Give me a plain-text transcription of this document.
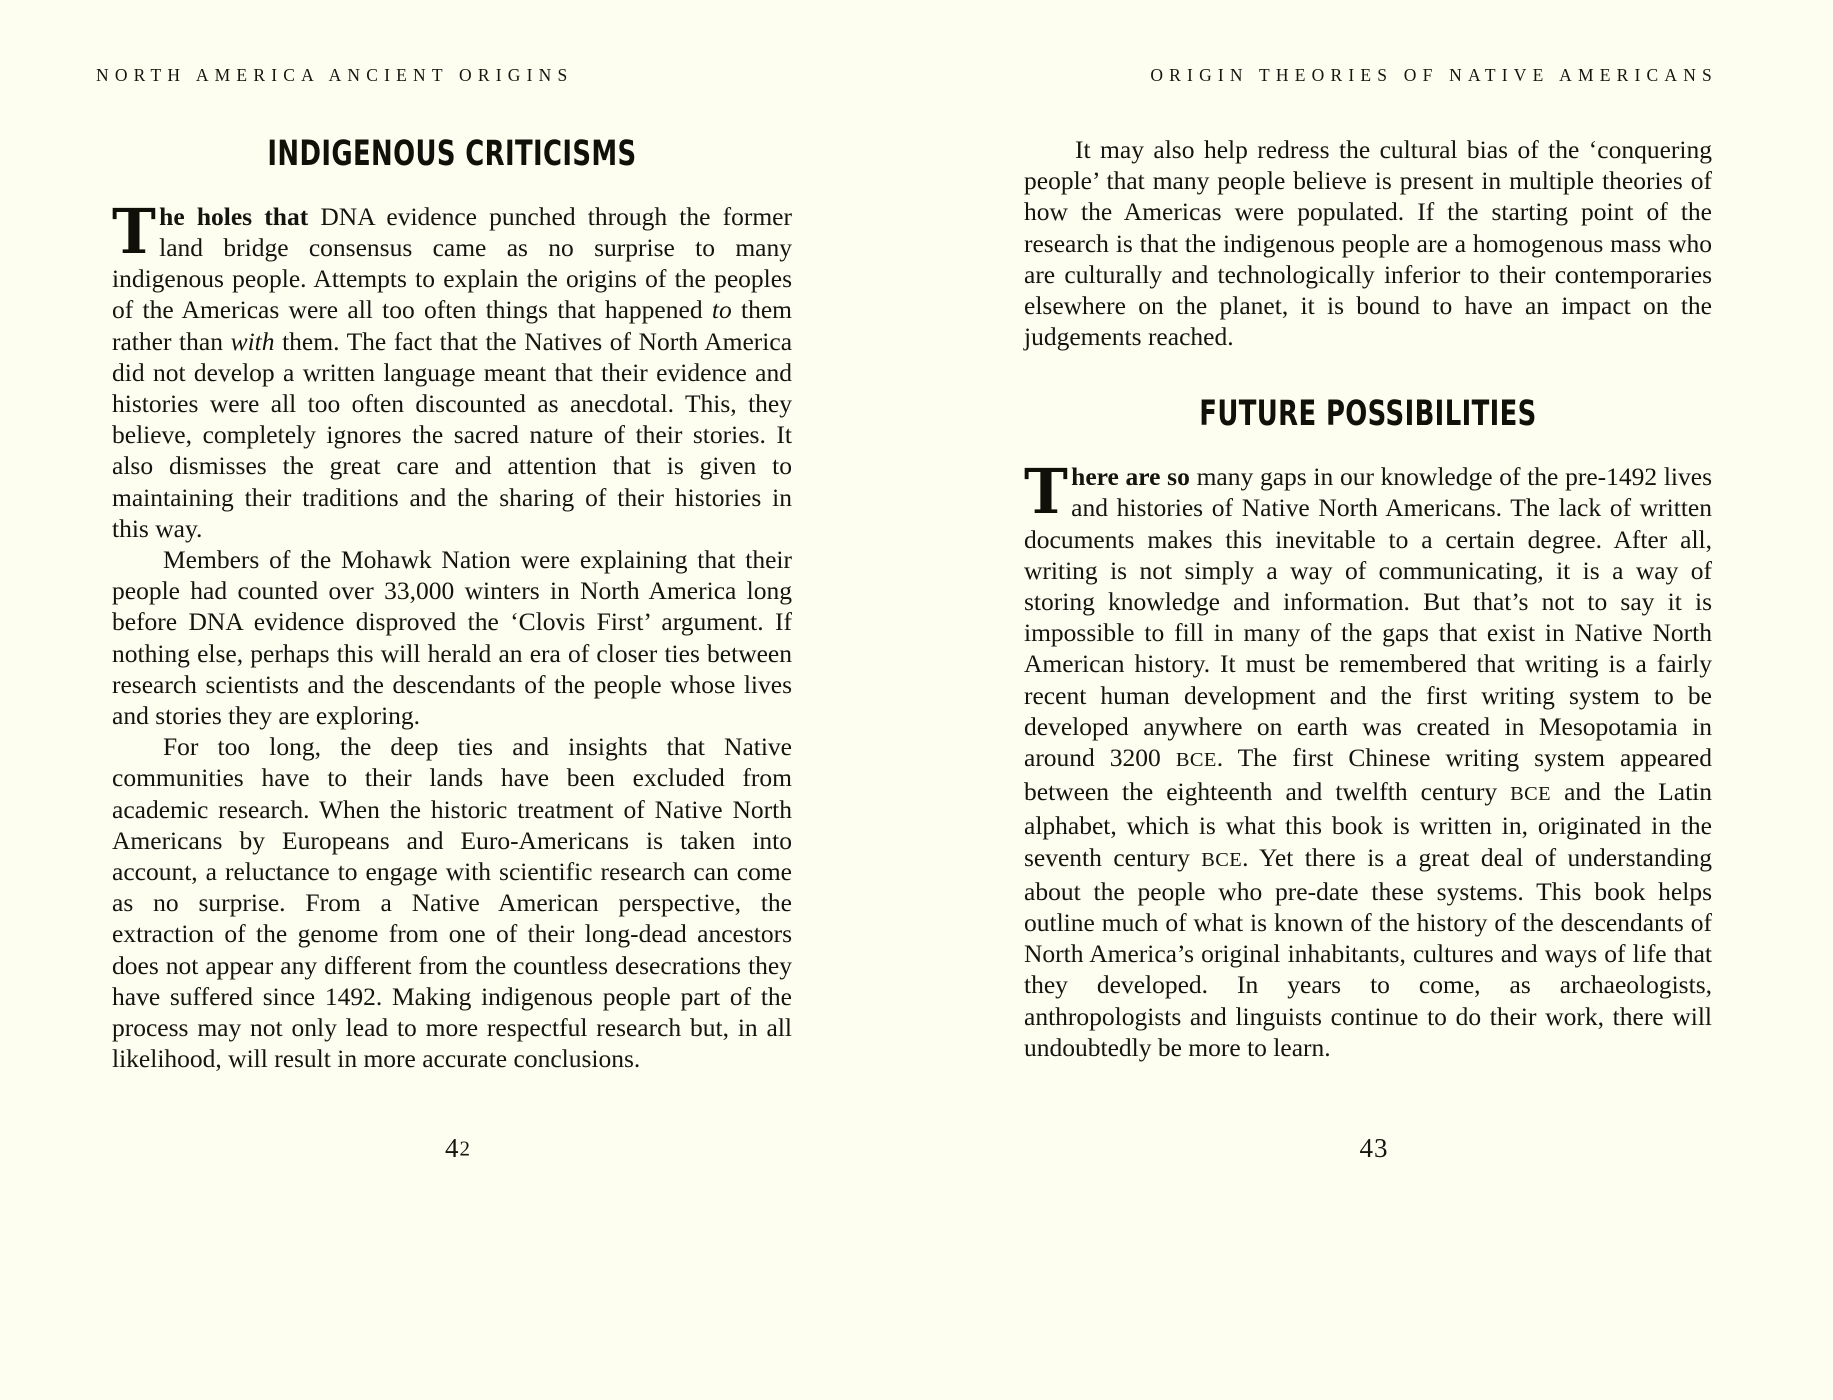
NORTH AMERICA ANCIENT ORIGINS
INDIGENOUS CRITICISMS

The holes that DNA evidence punched through the former land bridge consensus came as no surprise to many indigenous people. Attempts to explain the origins of the peoples of the Americas were all too often things that happened to them rather than with them. The fact that the Natives of North America did not develop a written language meant that their evidence and histories were all too often discounted as anecdotal. This, they believe, completely ignores the sacred nature of their stories. It also dismisses the great care and attention that is given to maintaining their traditions and the sharing of their histories in this way.

Members of the Mohawk Nation were explaining that their people had counted over 33,000 winters in North America long before DNA evidence disproved the ‘Clovis First’ argument. If nothing else, perhaps this will herald an era of closer ties between research scientists and the descendants of the people whose lives and stories they are exploring.

For too long, the deep ties and insights that Native communities have to their lands have been excluded from academic research. When the historic treatment of Native North Americans by Europeans and Euro-Americans is taken into account, a reluctance to engage with scientific research can come as no surprise. From a Native American perspective, the extraction of the genome from one of their long-dead ancestors does not appear any different from the countless desecrations they have suffered since 1492. Making indigenous people part of the process may not only lead to more respectful research but, in all likelihood, will result in more accurate conclusions.

42
ORIGIN THEORIES OF NATIVE AMERICANS

It may also help redress the cultural bias of the ‘conquering people’ that many people believe is present in multiple theories of how the Americas were populated. If the starting point of the research is that the indigenous people are a homogenous mass who are culturally and technologically inferior to their contemporaries elsewhere on the planet, it is bound to have an impact on the judgements reached.

FUTURE POSSIBILITIES

There are so many gaps in our knowledge of the pre-1492 lives and histories of Native North Americans. The lack of written documents makes this inevitable to a certain degree. After all, writing is not simply a way of communicating, it is a way of storing knowledge and information. But that’s not to say it is impossible to fill in many of the gaps that exist in Native North American history. It must be remembered that writing is a fairly recent human development and the first writing system to be developed anywhere on earth was created in Mesopotamia in around 3200 BCE. The first Chinese writing system appeared between the eighteenth and twelfth century BCE and the Latin alphabet, which is what this book is written in, originated in the seventh century BCE. Yet there is a great deal of understanding about the people who pre-date these systems. This book helps outline much of what is known of the history of the descendants of North America’s original inhabitants, cultures and ways of life that they developed. In years to come, as archaeologists, anthropologists and linguists continue to do their work, there will undoubtedly be more to learn.

43
